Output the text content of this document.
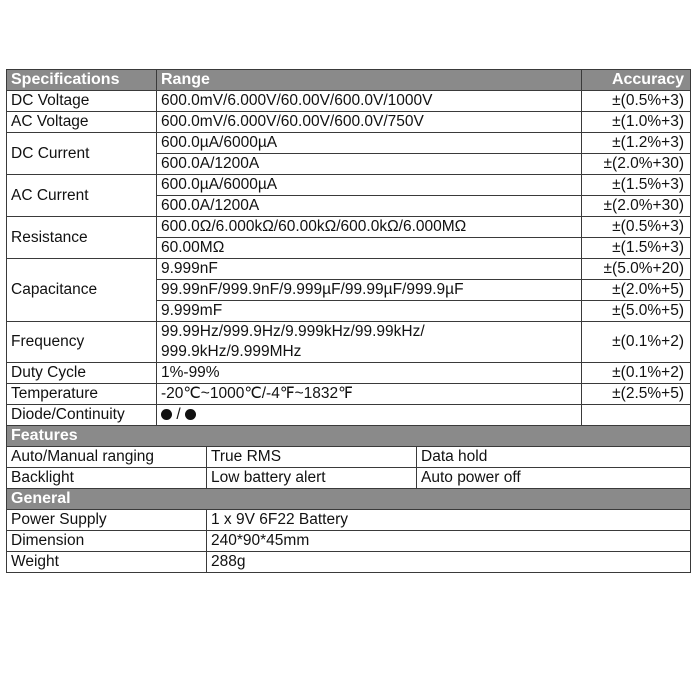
Specifications	Range	Accuracy
DC Voltage	600.0mV/6.000V/60.00V/600.0V/1000V	±(0.5%+3)
AC Voltage	600.0mV/6.000V/60.00V/600.0V/750V	±(1.0%+3)
DC Current	600.0µA/6000µA	±(1.2%+3)
	600.0A/1200A	±(2.0%+30)
AC Current	600.0µA/6000µA	±(1.5%+3)
	600.0A/1200A	±(2.0%+30)
Resistance	600.0Ω/6.000kΩ/60.00kΩ/600.0kΩ/6.000MΩ	±(0.5%+3)
	60.00MΩ	±(1.5%+3)
Capacitance	9.999nF	±(5.0%+20)
	99.99nF/999.9nF/9.999µF/99.99µF/999.9µF	±(2.0%+5)
	9.999mF	±(5.0%+5)
Frequency	99.99Hz/999.9Hz/9.999kHz/99.99kHz/
999.9kHz/9.999MHz	±(0.1%+2)
Duty Cycle	1%-99%	±(0.1%+2)
Temperature	-20℃~1000℃/-4℉~1832℉	±(2.5%+5)
Diode/Continuity	/	
Features		
Auto/Manual ranging	True RMS	Data hold
Backlight	Low battery alert	Auto power off
General	
Power Supply	1 x 9V 6F22 Battery
Dimension	240*90*45mm
Weight	288g
